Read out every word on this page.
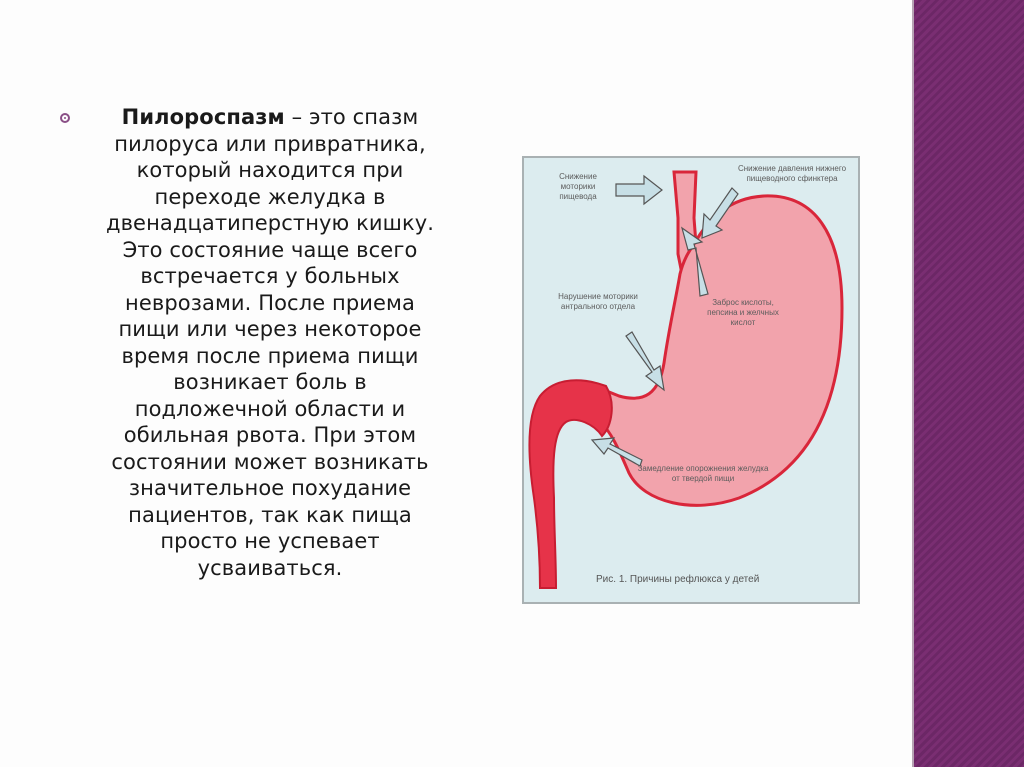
Пилороспазм – это спазм пилоруса или привратника, который находится при переходе желудка в двенадцатиперстную кишку. Это состояние чаще всего встречается у больных неврозами. После приема пищи или через некоторое время после приема пищи возникает боль в подложечной области и обильная рвота. При этом состоянии может возникать значительное похудание пациентов, так как пища просто не успевает усваиваться.

Снижение моторики пищевода
Снижение давления нижнего пищеводного сфинктера
Нарушение моторики антрального отдела	Заброс кислоты, пепсина и желчных кислот
Замедление опорожнения желудка от твердой пищи
Рис. 1. Причины рефлюкса у детей
